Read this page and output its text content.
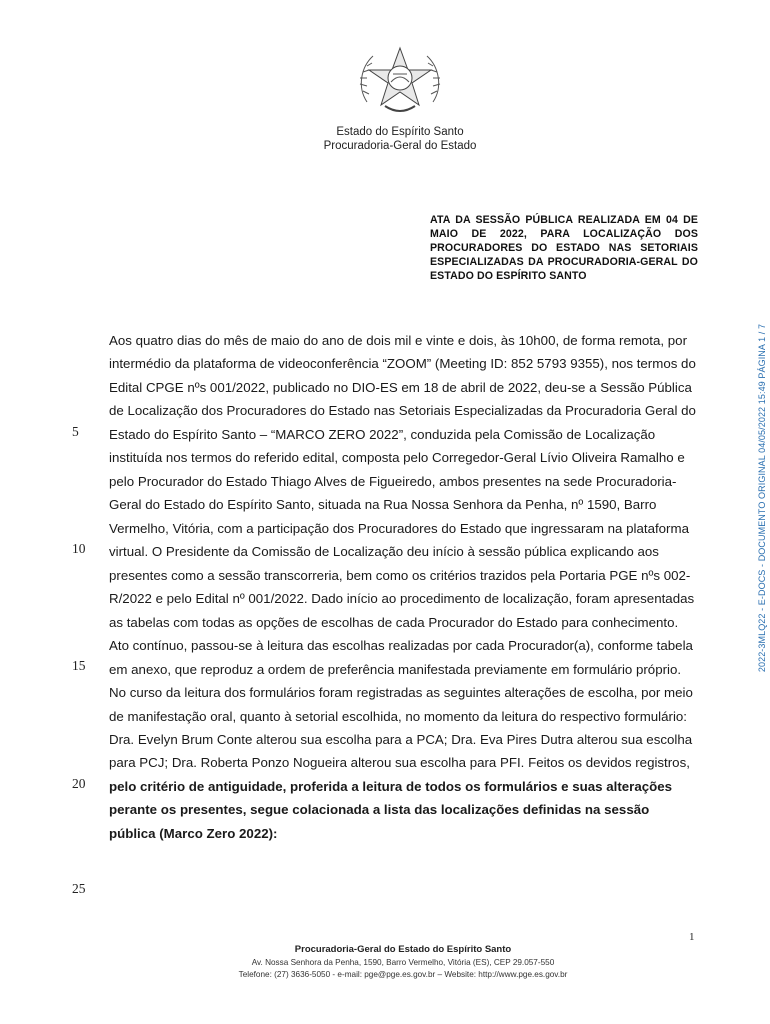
Estado do Espírito Santo
Procuradoria-Geral do Estado
ATA DA SESSÃO PÚBLICA REALIZADA EM 04 DE MAIO DE 2022, PARA LOCALIZAÇÃO DOS PROCURADORES DO ESTADO NAS SETORIAIS ESPECIALIZADAS DA PROCURADORIA-GERAL DO ESTADO DO ESPÍRITO SANTO

Aos quatro dias do mês de maio do ano de dois mil e vinte e dois, às 10h00, de forma remota, por intermédio da plataforma de videoconferência “ZOOM” (Meeting ID: 852 5793 9355), nos termos do Edital CPGE nºs 001/2022, publicado no DIO-ES em 18 de abril de 2022, deu-se a Sessão Pública de Localização dos Procuradores do Estado nas Setoriais Especializadas da Procuradoria Geral do Estado do Espírito Santo – “MARCO ZERO 2022”, conduzida pela Comissão de Localização instituída nos termos do referido edital, composta pelo Corregedor-Geral Lívio Oliveira Ramalho e pelo Procurador do Estado Thiago Alves de Figueiredo, ambos presentes na sede Procuradoria-Geral do Estado do Espírito Santo, situada na Rua Nossa Senhora da Penha, nº 1590, Barro Vermelho, Vitória, com a participação dos Procuradores do Estado que ingressaram na plataforma virtual. O Presidente da Comissão de Localização deu início à sessão pública explicando aos presentes como a sessão transcorreria, bem como os critérios trazidos pela Portaria PGE nºs 002-R/2022 e pelo Edital nº 001/2022. Dado início ao procedimento de localização, foram apresentadas as tabelas com todas as opções de escolhas de cada Procurador do Estado para conhecimento. Ato contínuo, passou-se à leitura das escolhas realizadas por cada Procurador(a), conforme tabela em anexo, que reproduz a ordem de preferência manifestada previamente em formulário próprio. No curso da leitura dos formulários foram registradas as seguintes alterações de escolha, por meio de manifestação oral, quanto à setorial escolhida, no momento da leitura do respectivo formulário: Dra. Evelyn Brum Conte alterou sua escolha para a PCA; Dra. Eva Pires Dutra alterou sua escolha para PCJ; Dra. Roberta Ponzo Nogueira alterou sua escolha para PFI. Feitos os devidos registros, pelo critério de antiguidade, proferida a leitura de todos os formulários e suas alterações perante os presentes, segue colacionada a lista das localizações definidas na sessão pública (Marco Zero 2022):

5
10
15
20
25
2022-3MLQ22 - E-DOCS - DOCUMENTO ORIGINAL 04/05/2022 15:49 PÁGINA 1 / 7
1
Procuradoria-Geral do Estado do Espírito Santo
Av. Nossa Senhora da Penha, 1590, Barro Vermelho, Vitória (ES), CEP 29.057-550
Telefone: (27) 3636-5050 - e-mail: pge@pge.es.gov.br – Website: http://www.pge.es.gov.br
